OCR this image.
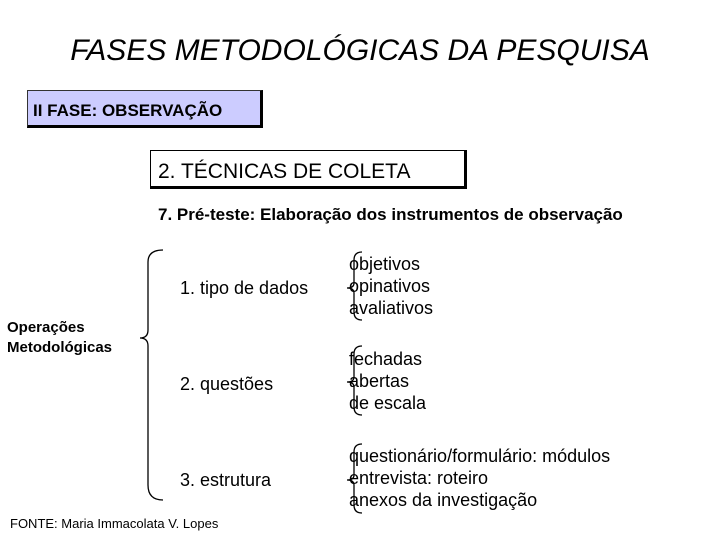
FASES METODOLÓGICAS DA PESQUISA
II FASE: OBSERVAÇÃO
2. TÉCNICAS DE COLETA
7. Pré-teste: Elaboração dos instrumentos de observação
Operações
Metodológicas
1. tipo de dados
objetivos
opinativos
avaliativos
2. questões
fechadas
abertas
de escala
3. estrutura
questionário/formulário: módulos
entrevista: roteiro
anexos da investigação
FONTE: Maria Immacolata V. Lopes
